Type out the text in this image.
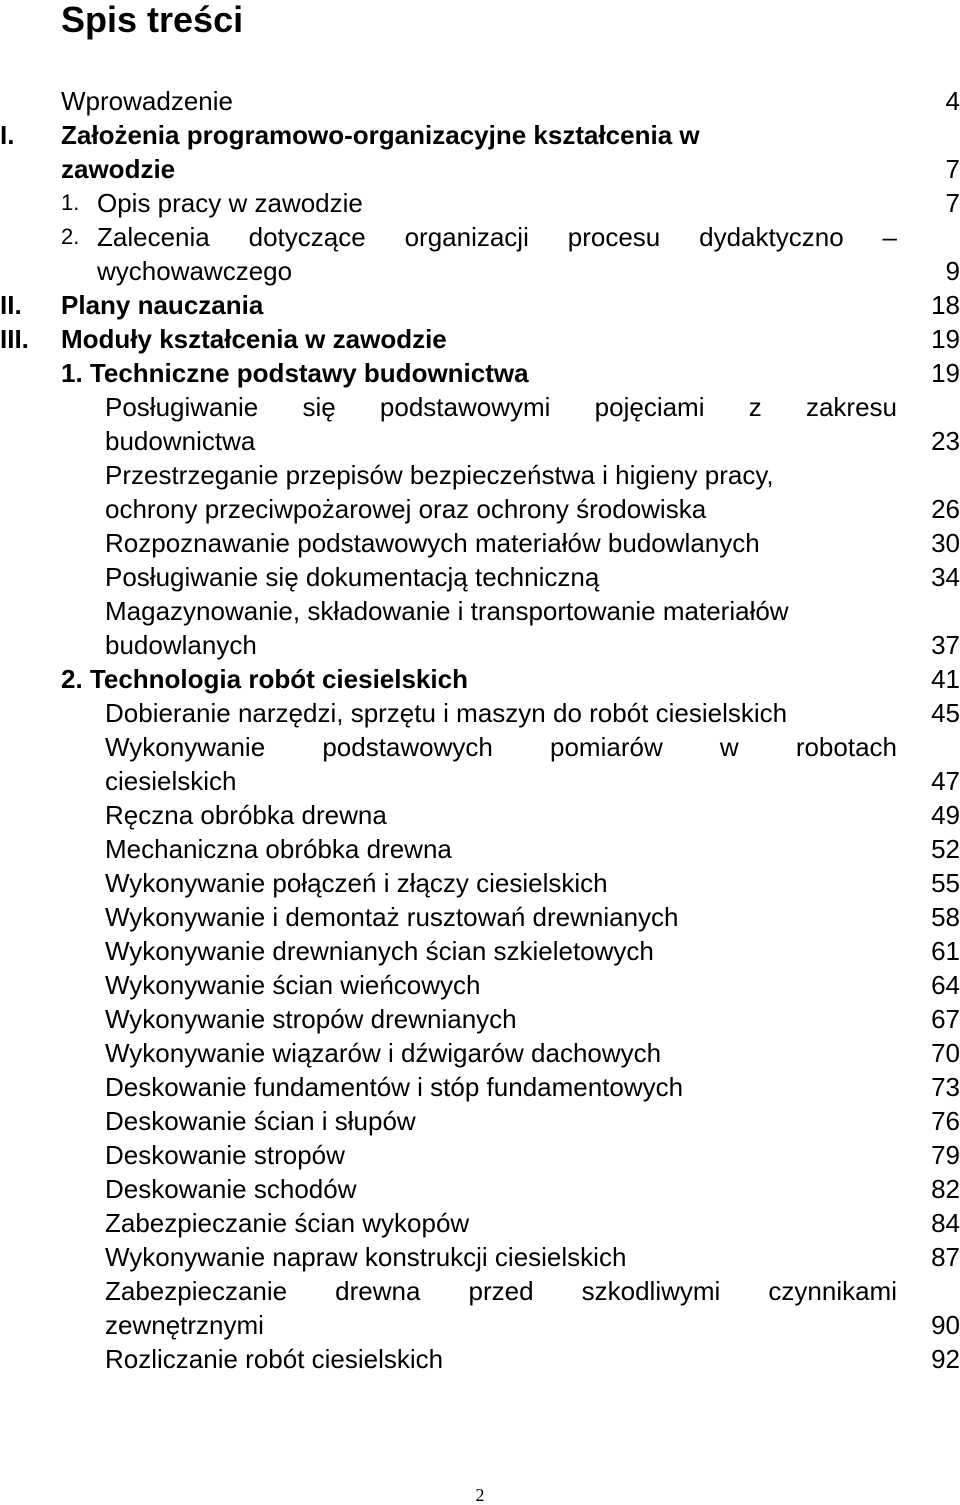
Spis treści
Wprowadzenie	4
I. Założenia programowo-organizacyjne kształcenia w
zawodzie	7
1. Opis pracy w zawodzie	7
2. Zalecenia dotyczące organizacji procesu dydaktyczno –
wychowawczego	9
II. Plany nauczania	18
III. Moduły kształcenia w zawodzie	19
1. Techniczne podstawy budownictwa	19
Posługiwanie się podstawowymi pojęciami z zakresu
budownictwa	23
Przestrzeganie przepisów bezpieczeństwa i higieny pracy,
ochrony przeciwpożarowej oraz ochrony środowiska	26
Rozpoznawanie podstawowych materiałów budowlanych	30
Posługiwanie się dokumentacją techniczną	34
Magazynowanie, składowanie i transportowanie materiałów
budowlanych	37
2. Technologia robót ciesielskich	41
Dobieranie narzędzi, sprzętu i maszyn do robót ciesielskich	45
Wykonywanie podstawowych pomiarów w robotach
ciesielskich	47
Ręczna obróbka drewna	49
Mechaniczna obróbka drewna	52
Wykonywanie połączeń i złączy ciesielskich	55
Wykonywanie i demontaż rusztowań drewnianych	58
Wykonywanie drewnianych ścian szkieletowych	61
Wykonywanie ścian wieńcowych	64
Wykonywanie stropów drewnianych	67
Wykonywanie wiązarów i dźwigarów dachowych	70
Deskowanie fundamentów i stóp fundamentowych	73
Deskowanie ścian i słupów	76
Deskowanie stropów	79
Deskowanie schodów	82
Zabezpieczanie ścian wykopów	84
Wykonywanie napraw konstrukcji ciesielskich	87
Zabezpieczanie drewna przed szkodliwymi czynnikami
zewnętrznymi	90
Rozliczanie robót ciesielskich	92
2
